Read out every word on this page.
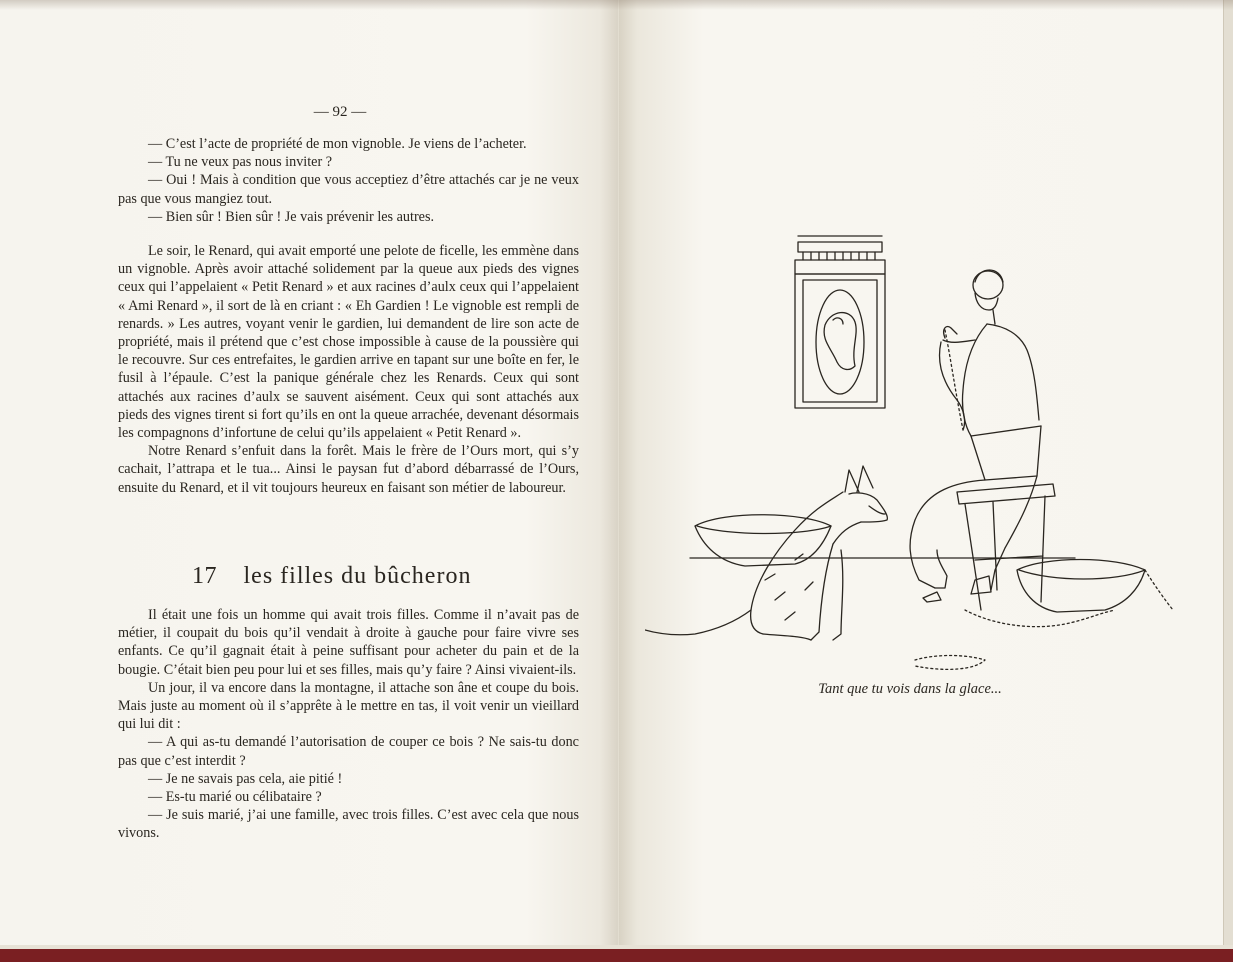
— 92 —

— C’est l’acte de propriété de mon vignoble. Je viens de l’acheter.

— Tu ne veux pas nous inviter ?

— Oui ! Mais à condition que vous acceptiez d’être attachés car je ne veux pas que vous mangiez tout.

— Bien sûr ! Bien sûr ! Je vais prévenir les autres.

Le soir, le Renard, qui avait emporté une pelote de ficelle, les emmène dans un vignoble. Après avoir attaché solidement par la queue aux pieds des vignes ceux qui l’appelaient « Petit Renard » et aux racines d’aulx ceux qui l’appelaient « Ami Renard », il sort de là en criant : « Eh Gardien ! Le vignoble est rempli de renards. » Les autres, voyant venir le gardien, lui demandent de lire son acte de propriété, mais il prétend que c’est chose impossible à cause de la poussière qui le recouvre. Sur ces entrefaites, le gardien arrive en tapant sur une boîte en fer, le fusil à l’épaule. C’est la panique générale chez les Renards. Ceux qui sont attachés aux racines d’aulx se sauvent aisément. Ceux qui sont attachés aux pieds des vignes tirent si fort qu’ils en ont la queue arrachée, devenant désormais les compagnons d’infortune de celui qu’ils appelaient « Petit Renard ».

Notre Renard s’enfuit dans la forêt. Mais le frère de l’Ours mort, qui s’y cachait, l’attrapa et le tua... Ainsi le paysan fut d’abord débarrassé de l’Ours, ensuite du Renard, et il vit toujours heureux en faisant son métier de laboureur.

17 les filles du bûcheron

Il était une fois un homme qui avait trois filles. Comme il n’avait pas de métier, il coupait du bois qu’il vendait à droite à gauche pour faire vivre ses enfants. Ce qu’il gagnait était à peine suffisant pour acheter du pain et de la bougie. C’était bien peu pour lui et ses filles, mais qu’y faire ? Ainsi vivaient-ils.

Un jour, il va encore dans la montagne, il attache son âne et coupe du bois. Mais juste au moment où il s’apprête à le mettre en tas, il voit venir un vieillard qui lui dit :

— A qui as-tu demandé l’autorisation de couper ce bois ? Ne sais-tu donc pas que c’est interdit ?

— Je ne savais pas cela, aie pitié !

— Es-tu marié ou célibataire ?

— Je suis marié, j’ai une famille, avec trois filles. C’est avec cela que nous vivons.

Tant que tu vois dans la glace...
